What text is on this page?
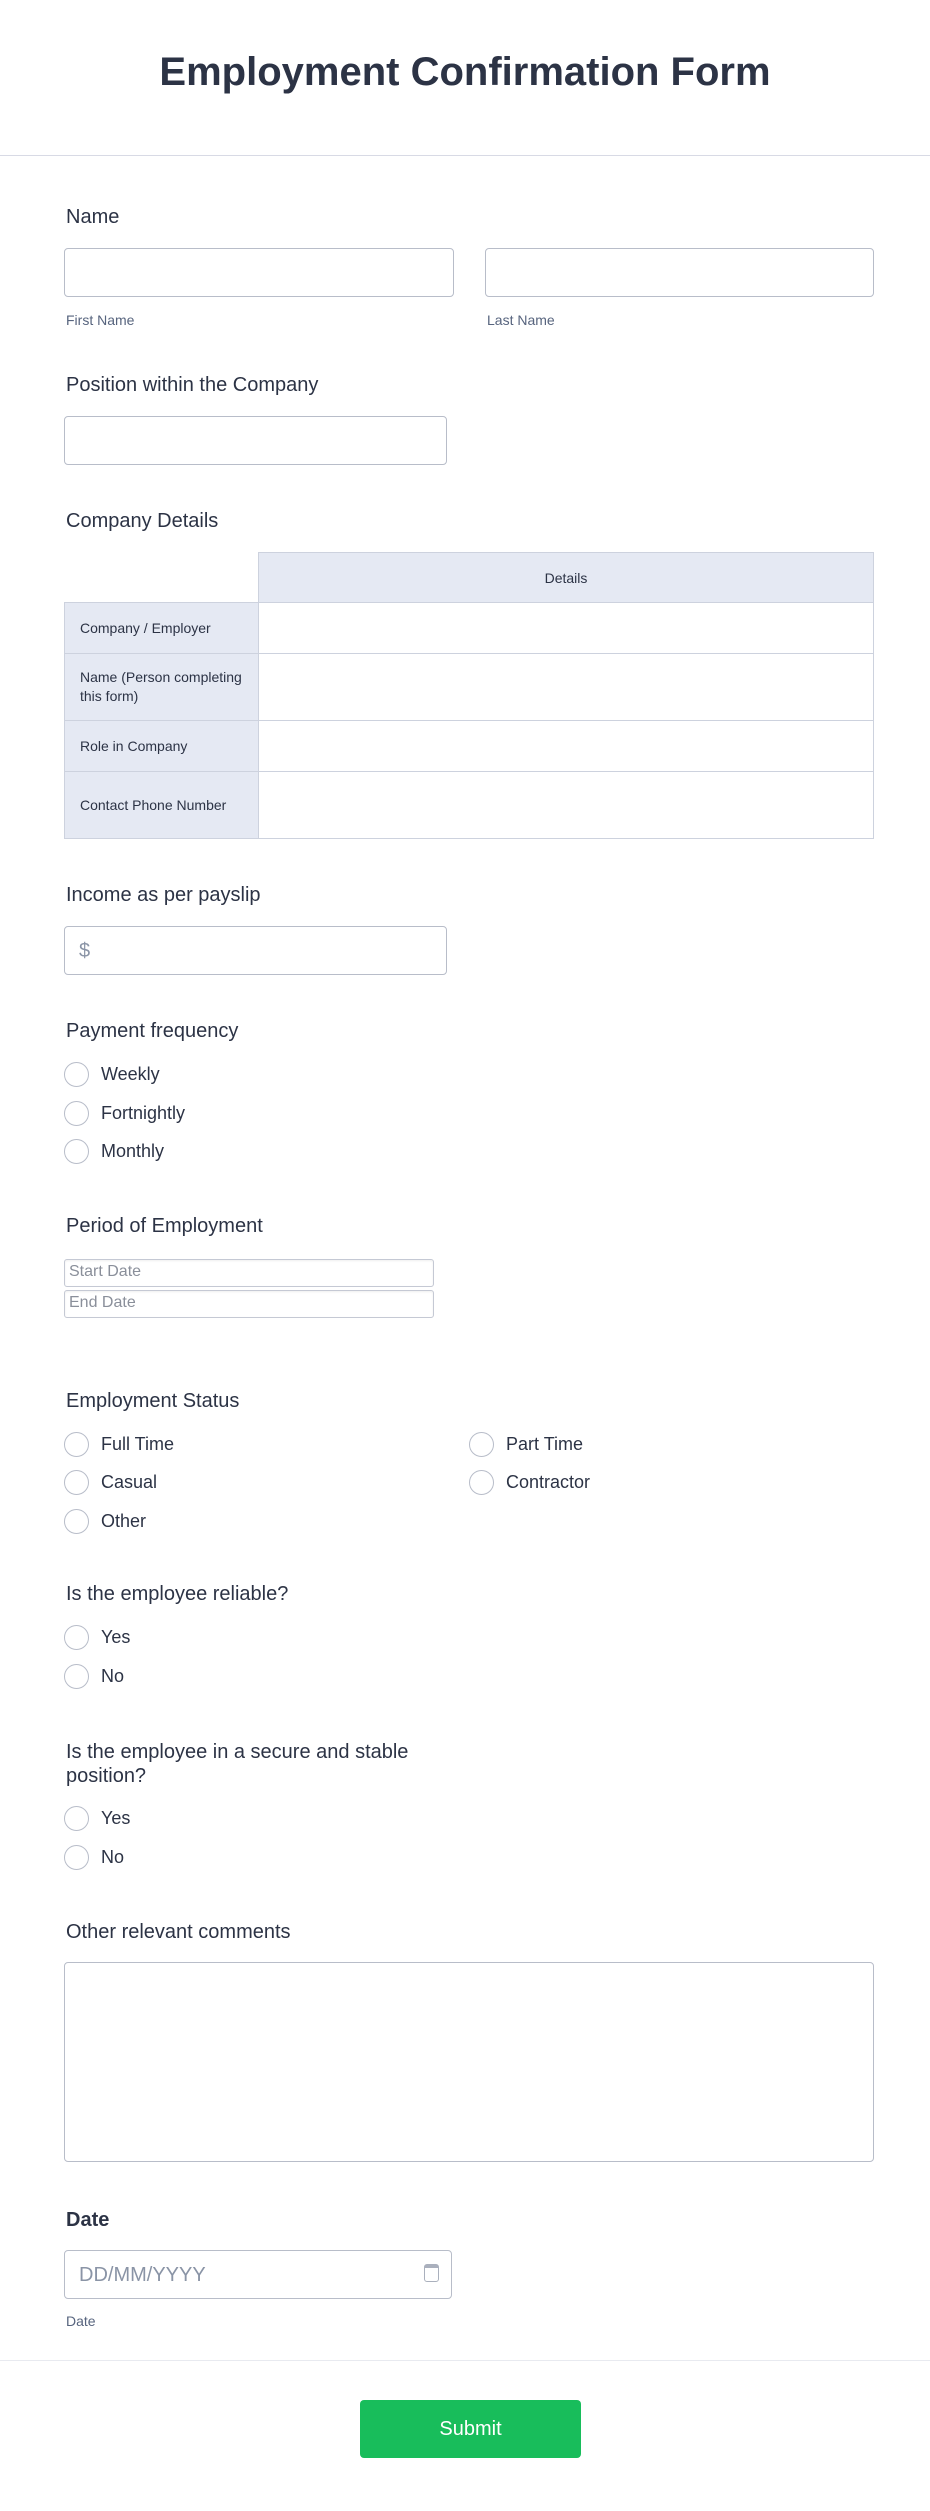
Employment Confirmation Form
Name
First Name	Last Name
Position within the Company
Company Details
	Details
Company / Employer	
Name (Person completing this form)	
Role in Company	
Contact Phone Number	
Income as per payslip
$
Payment frequency
Weekly
Fortnightly
Monthly
Period of Employment
Start Date
End Date
Employment Status
Full Time	Part Time
Casual	Contractor
Other
Is the employee reliable?
Yes
No
Is the employee in a secure and stable position?
Yes
No
Other relevant comments
Date
DD/MM/YYYY
Date
Submit
